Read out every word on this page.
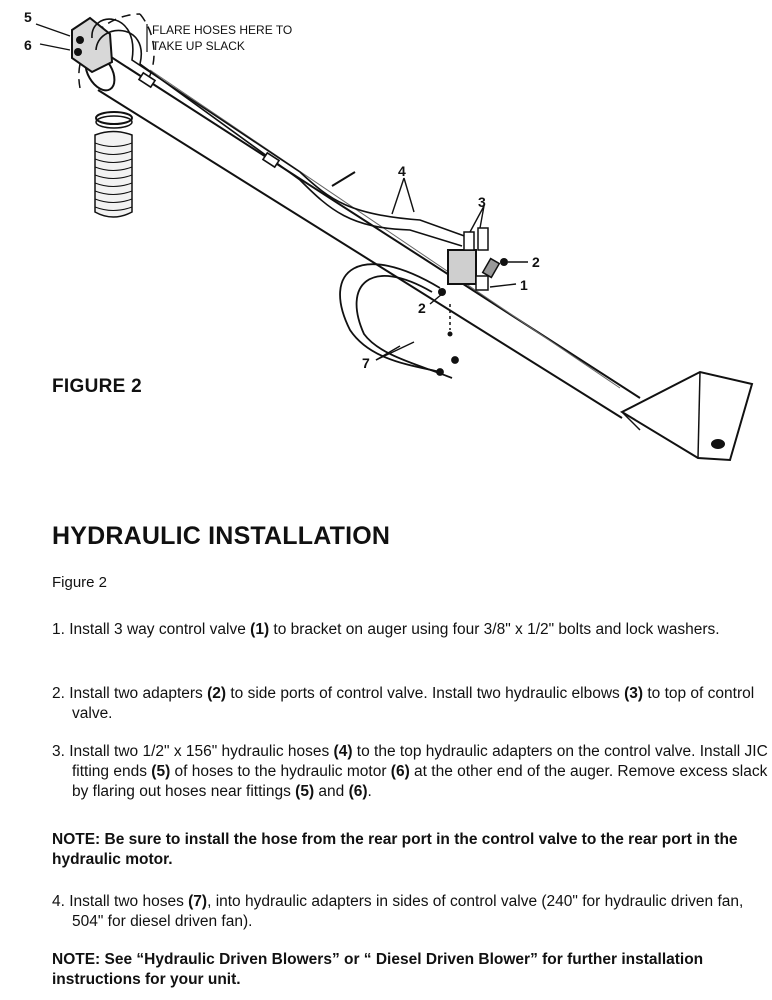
5
6
4
3
2
1
2
7
FLARE HOSES HERE TO
TAKE UP SLACK
FIGURE 2
HYDRAULIC INSTALLATION
Figure 2
1. Install 3 way control valve (1) to bracket on auger using four 3/8" x 1/2" bolts and lock washers.
2. Install two adapters (2) to side ports of control valve. Install two hydraulic elbows (3) to top of control valve.
3. Install two 1/2" x 156" hydraulic hoses (4) to the top hydraulic adapters on the control valve. Install JIC fitting ends (5) of hoses to the hydraulic motor (6) at the other end of the auger. Remove excess slack by flaring out hoses near fittings (5) and (6).
NOTE: Be sure to install the hose from the rear port in the control valve to the rear port in the hydraulic motor.
4. Install two hoses (7), into hydraulic adapters in sides of control valve (240" for hydraulic driven fan, 504" for diesel driven fan).
NOTE: See “Hydraulic Driven Blowers” or “ Diesel Driven Blower” for further installation instructions for your unit.
